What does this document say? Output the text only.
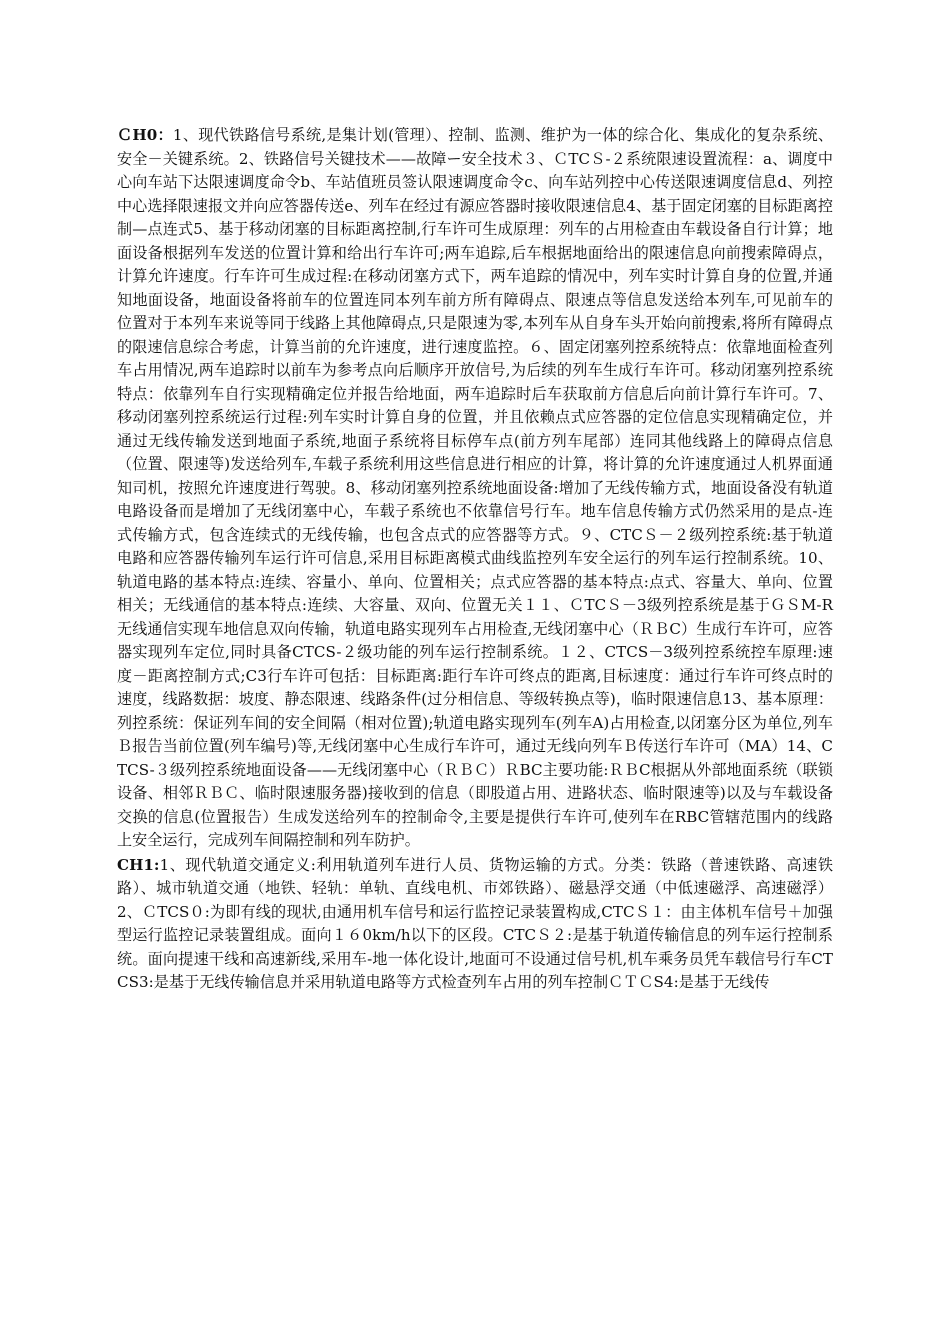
ＣH0：1、现代铁路信号系统,是集计划(管理）、控制、监测、维护为一体的综合化、集成化的复杂系统、安全－关键系统。2、铁路信号关键技术——故障ー安全技术３、ＣTCＳ-２系统限速设置流程：a、调度中心向车站下达限速调度命令b、车站值班员签认限速调度命令c、向车站列控中心传送限速调度信息d、列控中心选择限速报文并向应答器传送e、列车在经过有源应答器时接收限速信息4、基于固定闭塞的目标距离控制—点连式5、基于移动闭塞的目标距离控制,行车许可生成原理：列车的占用检查由车载设备自行计算；地面设备根据列车发送的位置计算和给出行车许可;两车追踪,后车根据地面给出的限速信息向前搜索障碍点，计算允许速度。行车许可生成过程:在移动闭塞方式下，两车追踪的情况中，列车实时计算自身的位置,并通知地面设备，地面设备将前车的位置连同本列车前方所有障碍点、限速点等信息发送给本列车,可见前车的位置对于本列车来说等同于线路上其他障碍点,只是限速为零,本列车从自身车头开始向前搜索,将所有障碍点的限速信息综合考虑，计算当前的允许速度，进行速度监控。６、固定闭塞列控系统特点：依靠地面检查列车占用情况,两车追踪时以前车为参考点向后顺序开放信号,为后续的列车生成行车许可。移动闭塞列控系统特点：依靠列车自行实现精确定位并报告给地面，两车追踪时后车获取前方信息后向前计算行车许可。7、移动闭塞列控系统运行过程:列车实时计算自身的位置，并且依赖点式应答器的定位信息实现精确定位，并通过无线传输发送到地面子系统,地面子系统将目标停车点(前方列车尾部）连同其他线路上的障碍点信息（位置、限速等)发送给列车,车载子系统利用这些信息进行相应的计算，将计算的允许速度通过人机界面通知司机，按照允许速度进行驾驶。8、移动闭塞列控系统地面设备:增加了无线传输方式，地面设备没有轨道电路设备而是增加了无线闭塞中心，车载子系统也不依靠信号行车。地车信息传输方式仍然采用的是点-连式传输方式，包含连续式的无线传输，也包含点式的应答器等方式。９、CTCＳ－２级列控系统:基于轨道电路和应答器传输列车运行许可信息,采用目标距离模式曲线监控列车安全运行的列车运行控制系统。10、轨道电路的基本特点:连续、容量小、单向、位置相关；点式应答器的基本特点:点式、容量大、单向、位置相关；无线通信的基本特点:连续、大容量、双向、位置无关１１、ＣTCＳ－3级列控系统是基于ＧＳM-R无线通信实现车地信息双向传输，轨道电路实现列车占用检查,无线闭塞中心（ＲＢC）生成行车许可，应答器实现列车定位,同时具备CTCS-２级功能的列车运行控制系统。１２、CTCS－3级列控系统控车原理:速度－距离控制方式;C3行车许可包括：目标距离:距行车许可终点的距离,目标速度：通过行车许可终点时的速度，线路数据：坡度、静态限速、线路条件(过分相信息、等级转换点等)，临时限速信息13、基本原理：列控系统：保证列车间的安全间隔（相对位置);轨道电路实现列车(列车A)占用检查,以闭塞分区为单位,列车Ｂ报告当前位置(列车编号)等,无线闭塞中心生成行车许可，通过无线向列车Ｂ传送行车许可（MA）14、CTCS-３级列控系统地面设备——无线闭塞中心（ＲＢＣ）ＲBC主要功能:ＲＢC根据从外部地面系统（联锁设备、相邻ＲＢＣ、临时限速服务器)接收到的信息（即股道占用、进路状态、临时限速等)以及与车载设备交换的信息(位置报告）生成发送给列车的控制命令,主要是提供行车许可,使列车在RBC管辖范围内的线路上安全运行，完成列车间隔控制和列车防护。

CH1:1、现代轨道交通定义:利用轨道列车进行人员、货物运输的方式。分类：铁路（普速铁路、高速铁路）、城市轨道交通（地铁、轻轨：单轨、直线电机、市郊铁路）、磁悬浮交通（中低速磁浮、高速磁浮）2、ＣTCS０:为即有线的现状,由通用机车信号和运行监控记录装置构成,CTCＳ１：由主体机车信号＋加强型运行监控记录装置组成。面向１６0km/h以下的区段。CTCＳ２:是基于轨道传输信息的列车运行控制系统。面向提速干线和高速新线,采用车-地一体化设计,地面可不设通过信号机,机车乘务员凭车载信号行车CTCS3:是基于无线传输信息并采用轨道电路等方式检查列车占用的列车控制ＣＴＣS4:是基于无线传
